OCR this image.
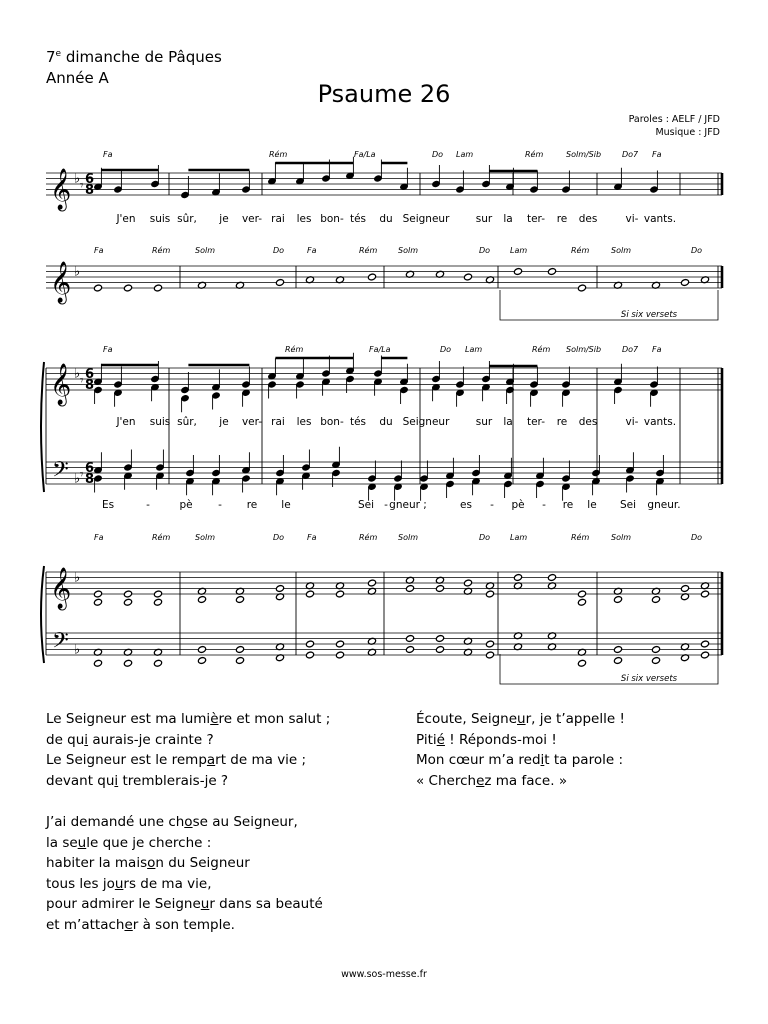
7e dimanche de Pâques
Année A
Psaume 26
Paroles : AELF / JFD
Musique : JFD
𝄞 ♭ 6
8
Fa	Rém	Fa/La	Do Lam	Rém	Solm/Sib	Do7 Fa
𝄾
J'en suis sûr, je ver- rai les bon- tés du Seigneur	sur la ter- re des	vi- vants.
𝄞 ♭
Fa	Rém	Solm	Do	Fa	Rém	Solm	Do Lam	Rém	Solm	Do
Si six versets
𝄞 ♭ 6
8
𝄢 ♭
6
8
Fa	Rém	Fa/La	Do Lam	Rém Solm/Sib	Do7 Fa
𝄾
J'en suis sûr, je ver- rai les bon- tés du Seigneur	sur la ter- re des	vi- vants.
𝄾
Es	-	pè - re le	Sei - gneur ;	es - pè - re le Sei gneur.
𝄞 ♭
𝄢 ♭
Fa	Rém	Solm	Do	Fa	Rém	Solm	Do Lam	Rém	Solm	Do
Si six versets
Le Seigneur est ma lumière et mon salut ;
de qui aurais-je crainte ?
Le Seigneur est le rempart de ma vie ;
devant qui tremblerais-je ?
J’ai demandé une chose au Seigneur,
la seule que je cherche :
habiter la maison du Seigneur
tous les jours de ma vie,
pour admirer le Seigneur dans sa beauté
et m’attacher à son temple.
Écoute, Seigneur, je t’appelle !
Pitié ! Réponds-moi !
Mon cœur m’a redit ta parole :
« Cherchez ma face. »
www.sos-messe.fr
